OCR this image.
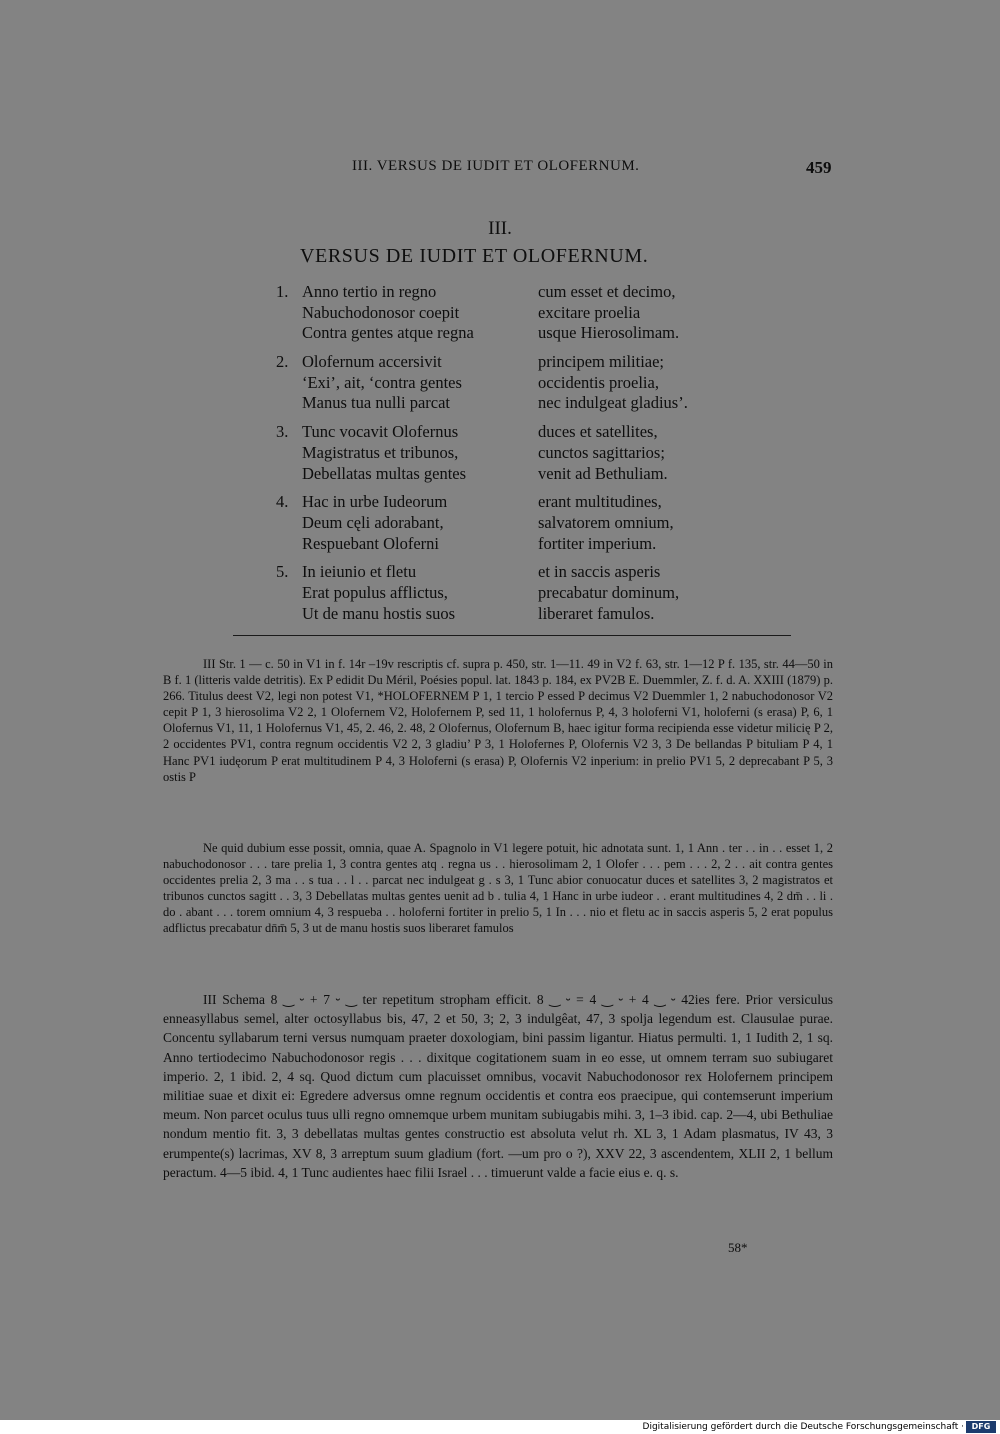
III. VERSUS DE IUDIT ET OLOFERNUM.	459
III.
VERSUS DE IUDIT ET OLOFERNUM.
1. Anno tertio in regno	cum esset et decimo,
Nabuchodonosor coepit	excitare proelia
Contra gentes atque regna	usque Hierosolimam.
2. Olofernum accersivit	principem militiae;
‘Exi’, ait, ‘contra gentes	occidentis proelia,
Manus tua nulli parcat	nec indulgeat gladius’.
3. Tunc vocavit Olofernus	duces et satellites,
Magistratus et tribunos,	cunctos sagittarios;
Debellatas multas gentes	venit ad Bethuliam.
4. Hac in urbe Iudeorum	erant multitudines,
Deum cęli adorabant,	salvatorem omnium,
Respuebant Oloferni	fortiter imperium.
5. In ieiunio et fletu	et in saccis asperis
Erat populus afflictus,	precabatur dominum,
Ut de manu hostis suos	liberaret famulos.

III Str. 1 — c. 50 in V1 in f. 14r –19v rescriptis cf. supra p. 450, str. 1—11. 49 in V2 f. 63, str. 1—12 P f. 135, str. 44—50 in B f. 1 (litteris valde detritis). Ex P edidit Du Méril, Poésies popul. lat. 1843 p. 184, ex PV2B E. Duemmler, Z. f. d. A. XXIII (1879) p. 266. Titulus deest V2, legi non potest V1, *HOLOFERNEM P 1, 1 tercio P essed P decimus V2 Duemmler 1, 2 nabuchodonosor V2 cepit P 1, 3 hierosolima V2 2, 1 Olofernem V2, Holofernem P, sed 11, 1 holofernus P, 4, 3 holoferni V1, holoferni (s erasa) P, 6, 1 Olofernus V1, 11, 1 Holofernus V1, 45, 2. 46, 2. 48, 2 Olofernus, Olofernum B, haec igitur forma recipienda esse videtur milicię P 2, 2 occidentes PV1, contra regnum occidentis V2 2, 3 gladiu’ P 3, 1 Holofernes P, Olofernis V2 3, 3 De bellandas P bituliam P 4, 1 Hanc PV1 iudęorum P erat multitudinem P 4, 3 Holoferni (s erasa) P, Olofernis V2 inperium: in prelio PV1 5, 2 deprecabant P 5, 3 ostis P

Ne quid dubium esse possit, omnia, quae A. Spagnolo in V1 legere potuit, hic adnotata sunt. 1, 1 Ann . ter . . in . . esset 1, 2 nabuchodonosor . . . tare prelia 1, 3 contra gentes atq . regna us . . hierosolimam 2, 1 Olofer . . . pem . . . 2, 2 . . ait contra gentes occidentes prelia 2, 3 ma . . s tua . . l . . parcat nec indulgeat g . s 3, 1 Tunc abior conuocatur duces et satellites 3, 2 magistratos et tribunos cunctos sagitt . . 3, 3 Debellatas multas gentes uenit ad b . tulia 4, 1 Hanc in urbe iudeor . . erant multitudines 4, 2 dm̄ . . li . do . abant . . . torem omnium 4, 3 respueba . . holoferni fortiter in prelio 5, 1 In . . . nio et fletu ac in saccis asperis 5, 2 erat populus adflictus precabatur dn̄m̄ 5, 3 ut de manu hostis suos liberaret famulos

III Schema 8 ‿ ⏑ + 7 ⏑ ‿ ter repetitum stropham efficit. 8 ‿ ⏑ = 4 ‿ ⏑ + 4 ‿ ⏑ 42ies fere. Prior versiculus enneasyllabus semel, alter octosyllabus bis, 47, 2 et 50, 3; 2, 3 indulgêat, 47, 3 spolja legendum est. Clausulae purae. Concentu syllabarum terni versus numquam praeter doxologiam, bini passim ligantur. Hiatus permulti. 1, 1 Iudith 2, 1 sq. Anno tertiodecimo Nabuchodonosor regis . . . dixitque cogitationem suam in eo esse, ut omnem terram suo subiugaret imperio. 2, 1 ibid. 2, 4 sq. Quod dictum cum placuisset omnibus, vocavit Nabuchodonosor rex Holofernem principem militiae suae et dixit ei: Egredere adversus omne regnum occidentis et contra eos praecipue, qui contemserunt imperium meum. Non parcet oculus tuus ulli regno omnemque urbem munitam subiugabis mihi. 3, 1–3 ibid. cap. 2—4, ubi Bethuliae nondum mentio fit. 3, 3 debellatas multas gentes constructio est absoluta velut rh. XL 3, 1 Adam plasmatus, IV 43, 3 erumpente(s) lacrimas, XV 8, 3 arreptum suum gladium (fort. —um pro o ?), XXV 22, 3 ascendentem, XLII 2, 1 bellum peractum. 4—5 ibid. 4, 1 Tunc audientes haec filii Israel . . . timuerunt valde a facie eius e. q. s.

58*
Digitalisierung gefördert durch die Deutsche Forschungsgemeinschaft · DFG
